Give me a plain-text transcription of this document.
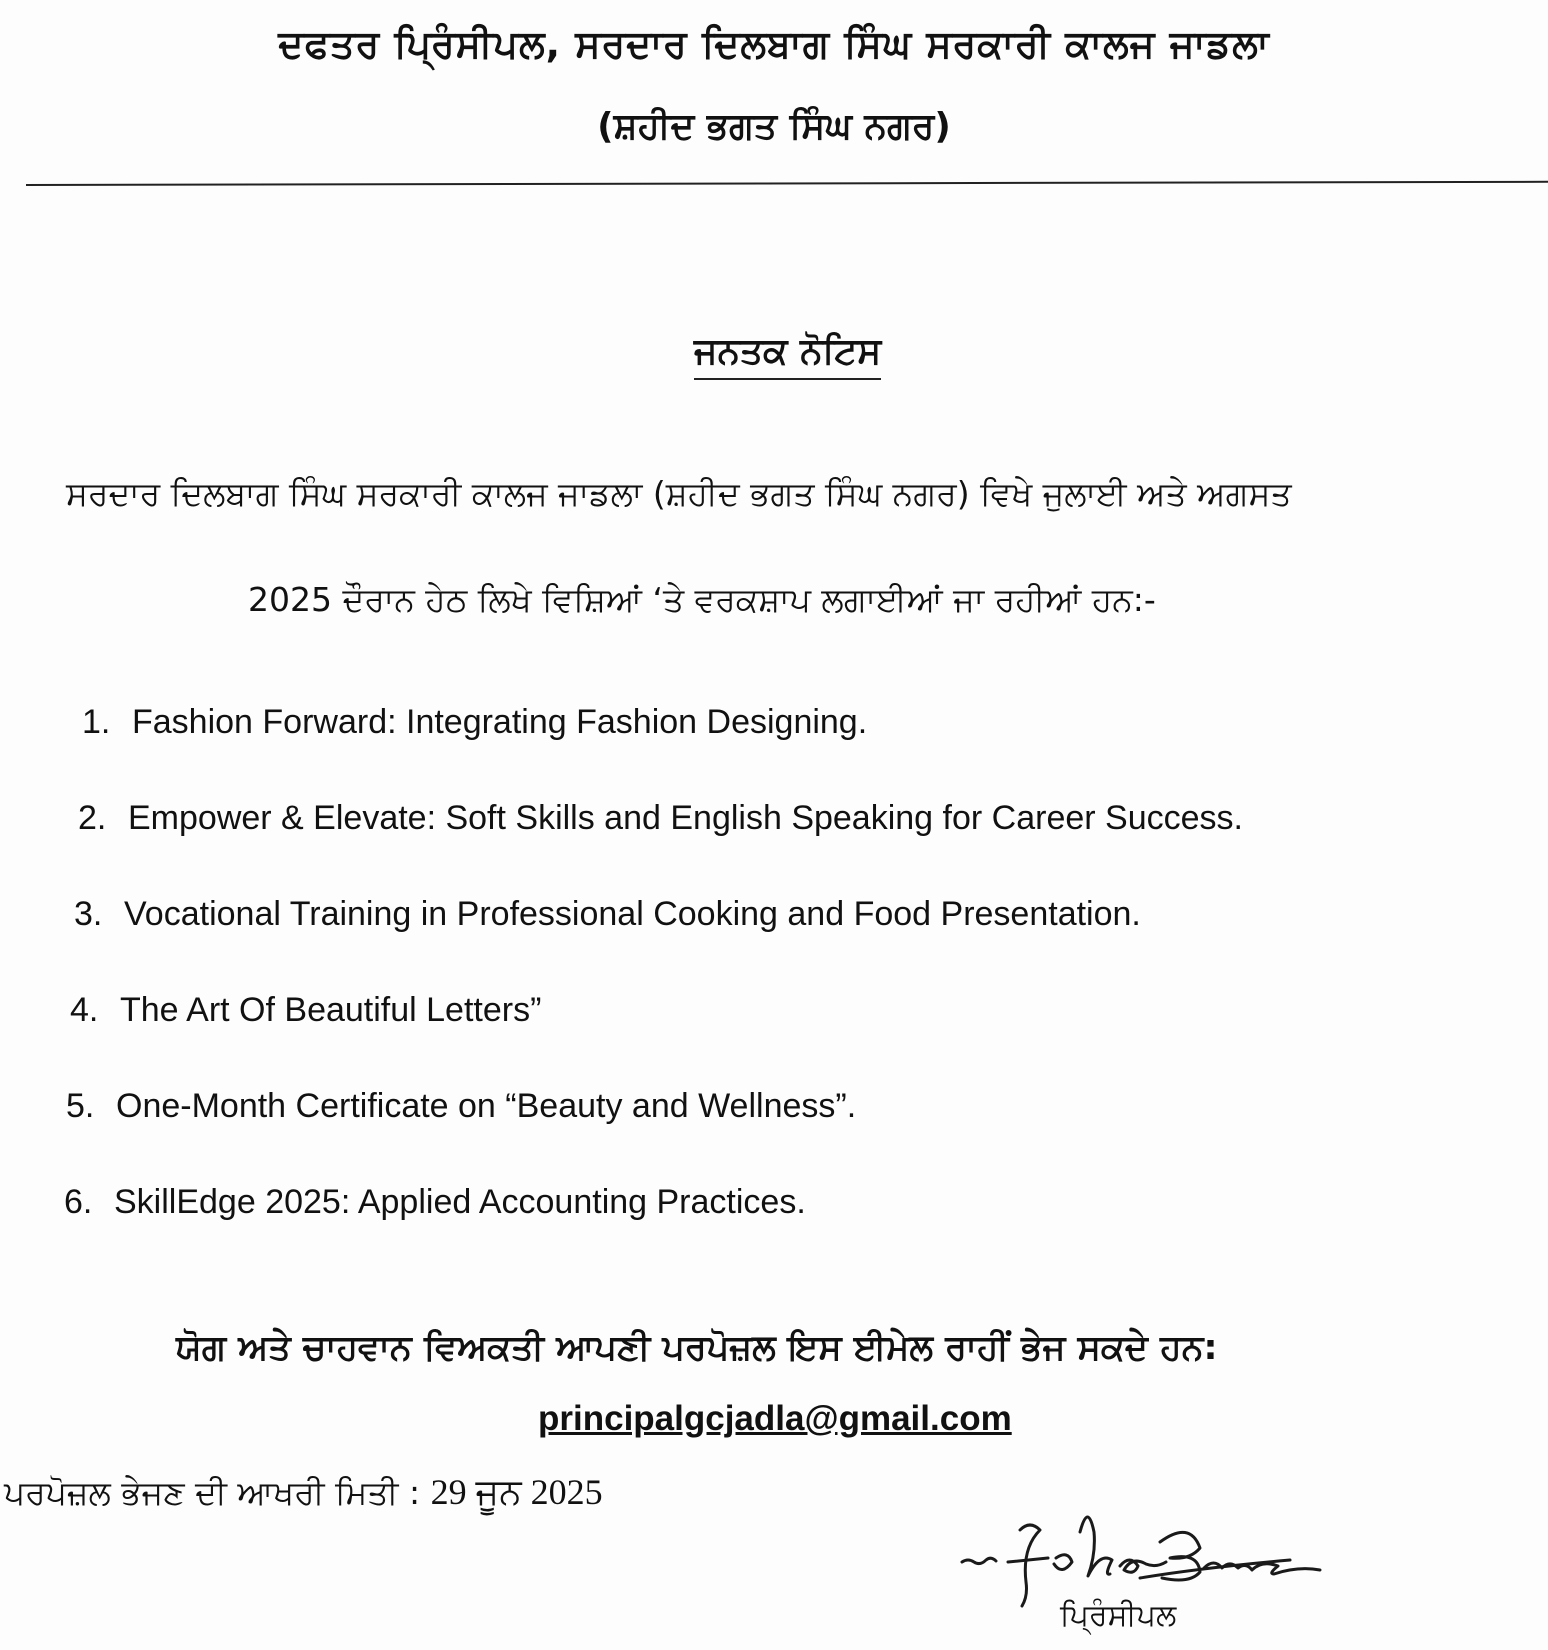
ਦਫਤਰ ਪ੍ਰਿੰਸੀਪਲ, ਸਰਦਾਰ ਦਿਲਬਾਗ ਸਿੰਘ ਸਰਕਾਰੀ ਕਾਲਜ ਜਾਡਲਾ
(ਸ਼ਹੀਦ ਭਗਤ ਸਿੰਘ ਨਗਰ)
ਜਨਤਕ ਨੋਟਿਸ
ਸਰਦਾਰ ਦਿਲਬਾਗ ਸਿੰਘ ਸਰਕਾਰੀ ਕਾਲਜ ਜਾਡਲਾ (ਸ਼ਹੀਦ ਭਗਤ ਸਿੰਘ ਨਗਰ) ਵਿਖੇ ਜੁਲਾਈ ਅਤੇ ਅਗਸਤ
2025 ਦੌਰਾਨ ਹੇਠ ਲਿਖੇ ਵਿਸ਼ਿਆਂ ‘ਤੇ ਵਰਕਸ਼ਾਪ ਲਗਾਈਆਂ ਜਾ ਰਹੀਆਂ ਹਨ:-
1. Fashion Forward: Integrating Fashion Designing.
2. Empower & Elevate: Soft Skills and English Speaking for Career Success.
3. Vocational Training in Professional Cooking and Food Presentation.
4. The Art Of Beautiful Letters”
5. One-Month Certificate on “Beauty and Wellness”.
6. SkillEdge 2025: Applied Accounting Practices.
ਯੋਗ ਅਤੇ ਚਾਹਵਾਨ ਵਿਅਕਤੀ ਆਪਣੀ ਪਰਪੋਜ਼ਲ ਇਸ ਈਮੇਲ ਰਾਹੀਂ ਭੇਜ ਸਕਦੇ ਹਨ:
principalgcjadla@gmail.com
ਪਰਪੋਜ਼ਲ ਭੇਜਣ ਦੀ ਆਖਰੀ ਮਿਤੀ : 29 ਜੂਨ 2025
ਪ੍ਰਿੰਸੀਪਲ
